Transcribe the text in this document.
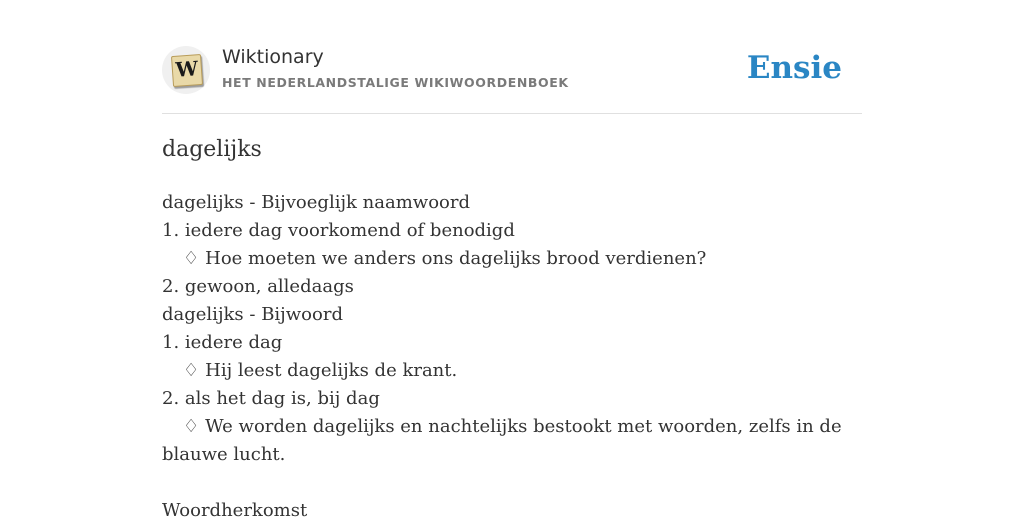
W Wiktionary
HET NEDERLANDSTALIGE WIKIWOORDENBOEK	Ensie
dagelijks
dagelijks - Bijvoeglijk naamwoord
1. iedere dag voorkomend of benodigd
♢ Hoe moeten we anders ons dagelijks brood verdienen?
2. gewoon, alledaags
dagelijks - Bijwoord
1. iedere dag
♢ Hij leest dagelijks de krant.
2. als het dag is, bij dag
♢ We worden dagelijks en nachtelijks bestookt met woorden, zelfs in de blauwe lucht.
Woordherkomst
